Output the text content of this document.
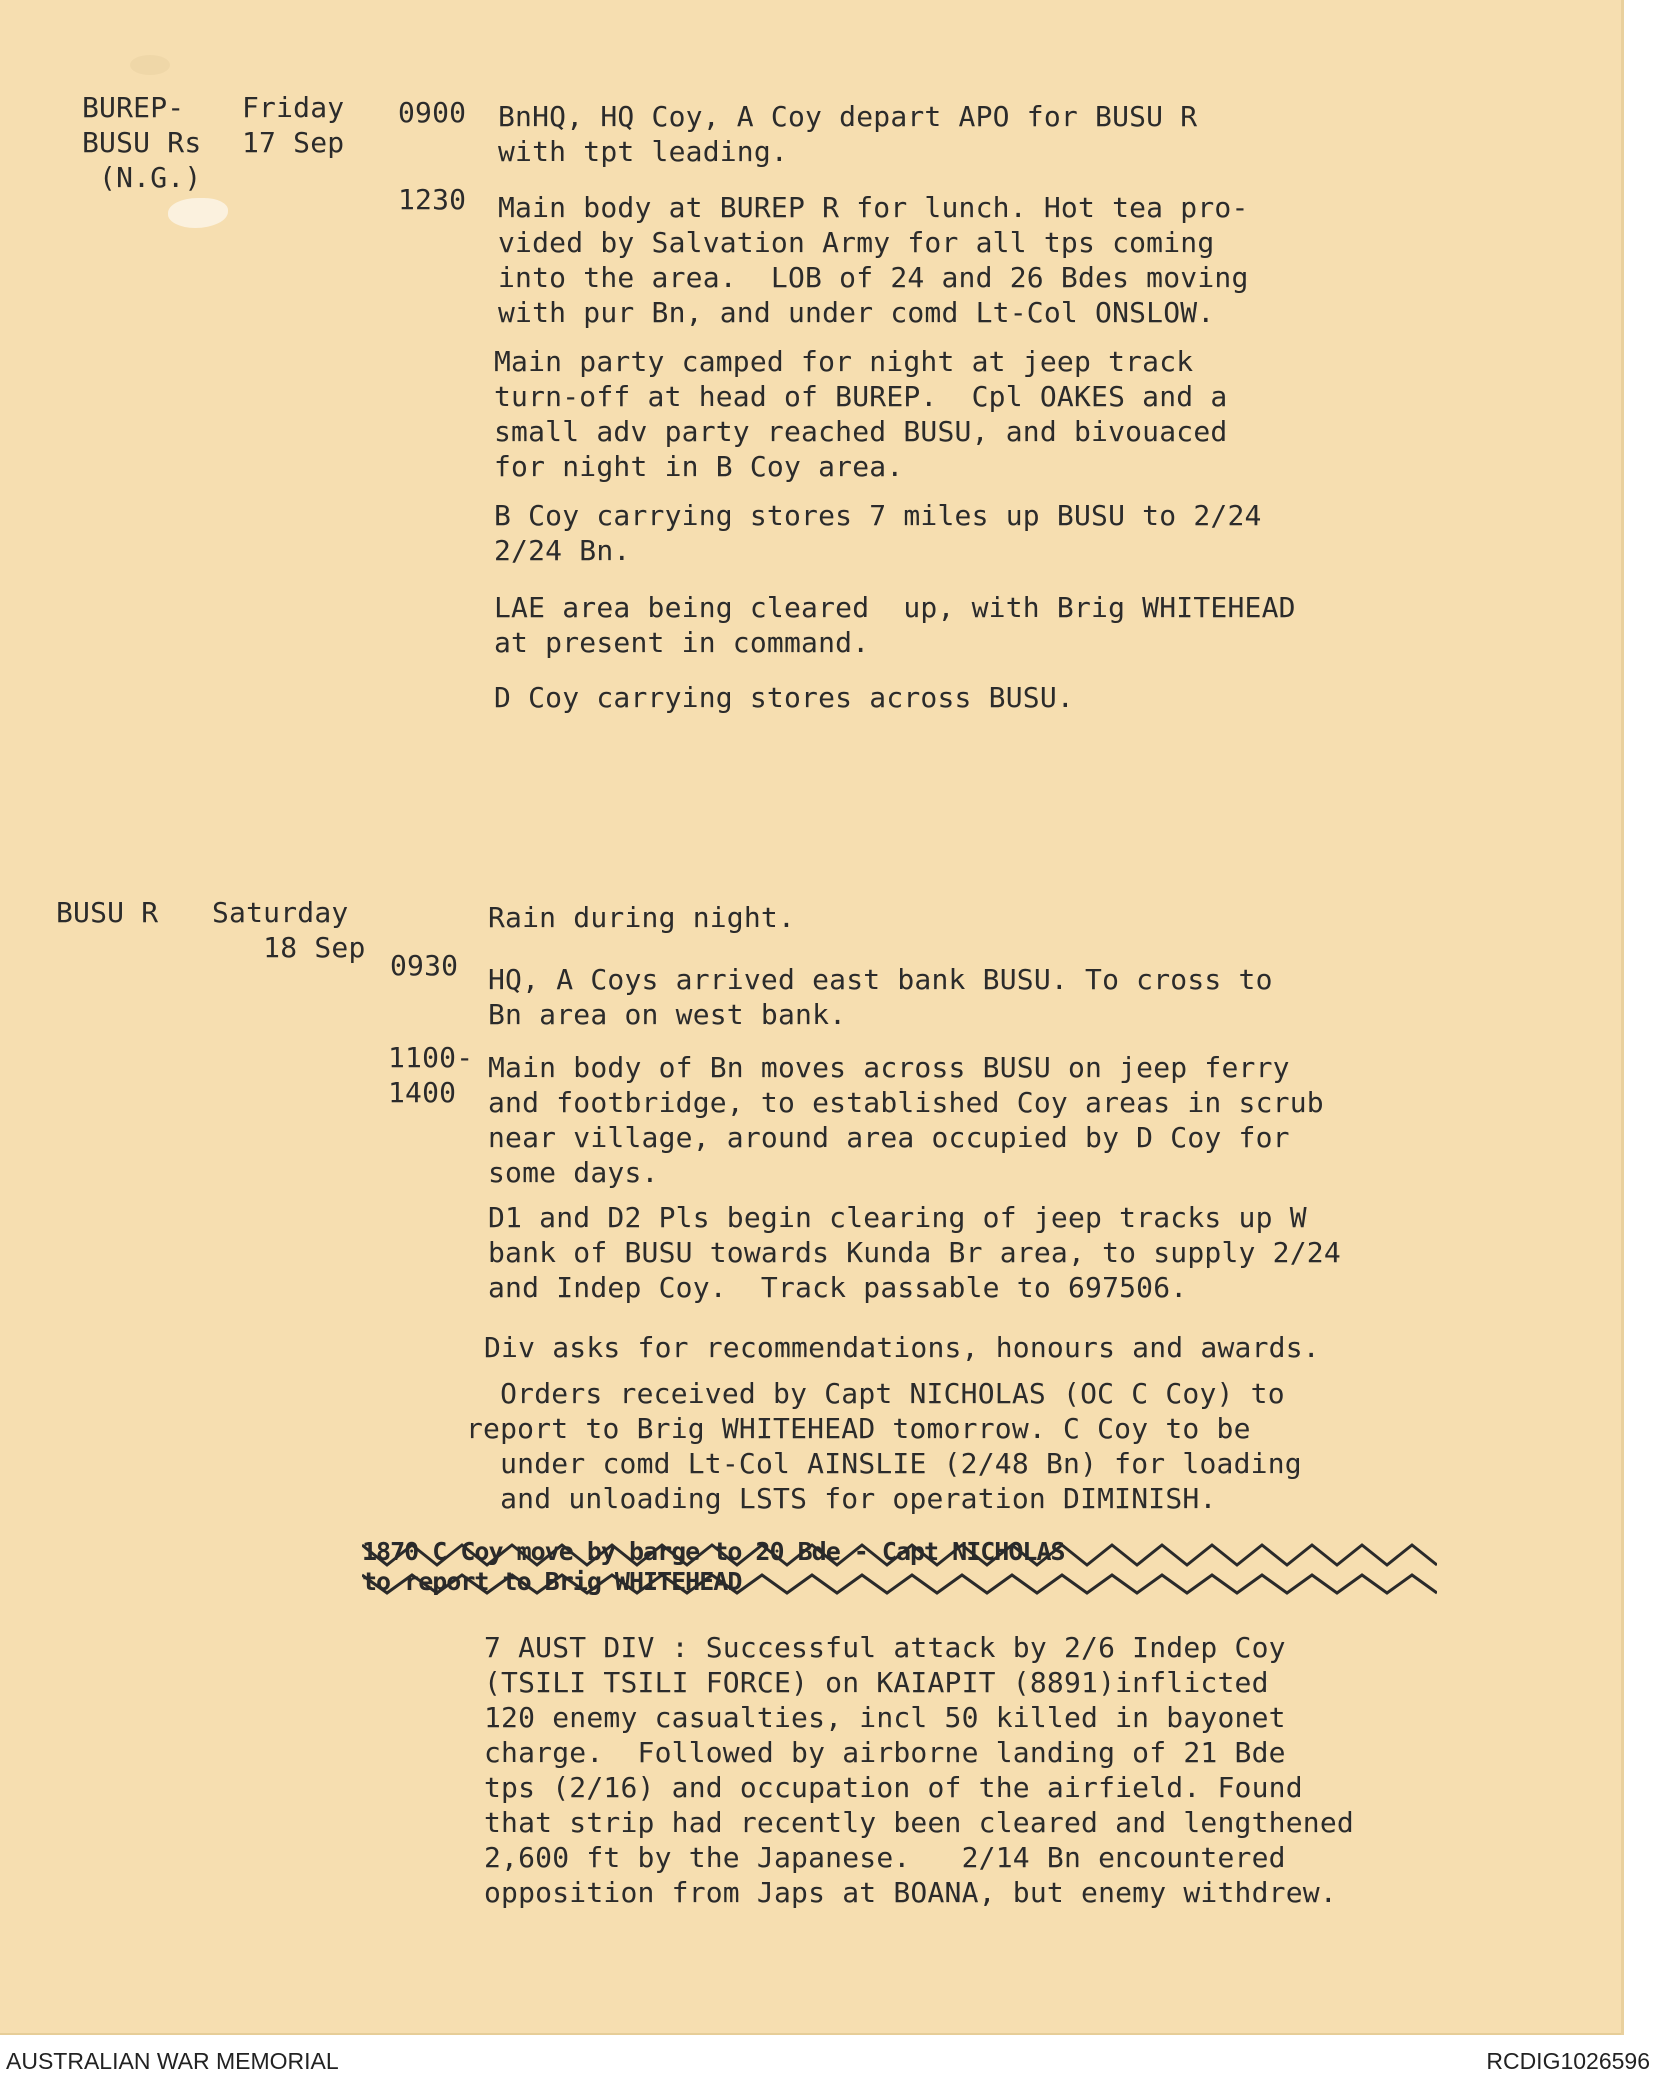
BUREP-
BUSU Rs
(N.G.)
Friday
17 Sep
0900 BnHQ, HQ Coy, A Coy depart APO for BUSU R
with tpt leading.
1230 Main body at BUREP R for lunch. Hot tea pro-
vided by Salvation Army for all tps coming
into the area.  LOB of 24 and 26 Bdes moving
with pur Bn, and under comd Lt-Col ONSLOW.
Main party camped for night at jeep track
turn-off at head of BUREP.  Cpl OAKES and a
small adv party reached BUSU, and bivouaced
for night in B Coy area.
B Coy carrying stores 7 miles up BUSU to 2/24
2/24 Bn.
LAE area being cleared  up, with Brig WHITEHEAD
at present in command.
D Coy carrying stores across BUSU.
BUSU R Saturday
18 Sep
Rain during night.
0930 HQ, A Coys arrived east bank BUSU. To cross to
Bn area on west bank.
1100-
1400
Main body of Bn moves across BUSU on jeep ferry
and footbridge, to established Coy areas in scrub
near village, around area occupied by D Coy for
some days.
D1 and D2 Pls begin clearing of jeep tracks up W
bank of BUSU towards Kunda Br area, to supply 2/24
and Indep Coy.  Track passable to 697506.
Div asks for recommendations, honours and awards.
Orders received by Capt NICHOLAS (OC C Coy) to
report to Brig WHITEHEAD tomorrow. C Coy to be
under comd Lt-Col AINSLIE (2/48 Bn) for loading
and unloading LSTS for operation DIMINISH.
1870 C Coy move by barge to 20 Bde - Capt NICHOLAS
to report to Brig WHITEHEAD
7 AUST DIV : Successful attack by 2/6 Indep Coy
(TSILI TSILI FORCE) on KAIAPIT (8891)inflicted
120 enemy casualties, incl 50 killed in bayonet
charge.  Followed by airborne landing of 21 Bde
tps (2/16) and occupation of the airfield. Found
that strip had recently been cleared and lengthened
2,600 ft by the Japanese.   2/14 Bn encountered
opposition from Japs at BOANA, but enemy withdrew.
AUSTRALIAN WAR MEMORIAL	RCDIG1026596
